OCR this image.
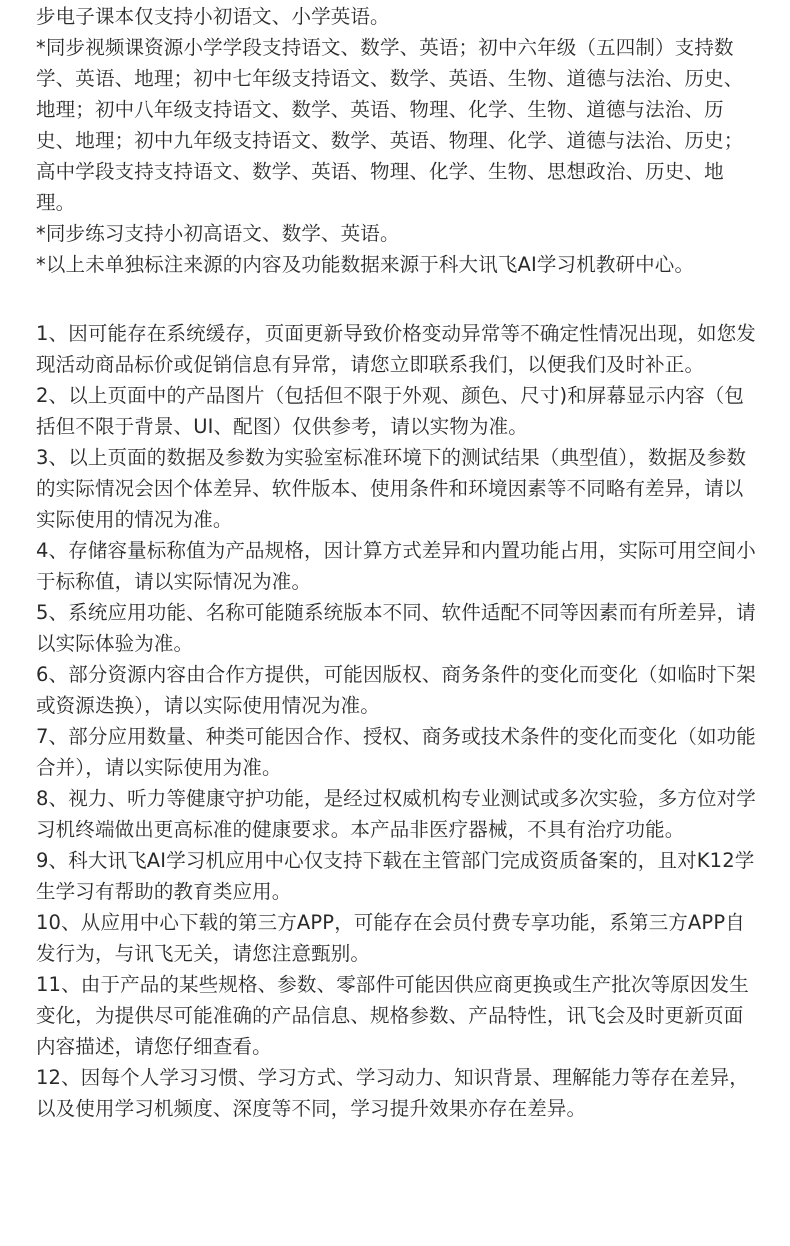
步电子课本仅支持小初语文、小学英语。

*同步视频课资源小学学段支持语文、数学、英语；初中六年级（五四制）支持数学、英语、地理；初中七年级支持语文、数学、英语、生物、道德与法治、历史、地理；初中八年级支持语文、数学、英语、物理、化学、生物、道德与法治、历史、地理；初中九年级支持语文、数学、英语、物理、化学、道德与法治、历史；高中学段支持支持语文、数学、英语、物理、化学、生物、思想政治、历史、地理。

*同步练习支持小初高语文、数学、英语。

*以上未单独标注来源的内容及功能数据来源于科大讯飞AI学习机教研中心。

1、因可能存在系统缓存，页面更新导致价格变动异常等不确定性情况出现，如您发现活动商品标价或促销信息有异常，请您立即联系我们，以便我们及时补正。

2、以上页面中的产品图片（包括但不限于外观、颜色、尺寸)和屏幕显示内容（包括但不限于背景、UI、配图）仅供参考，请以实物为准。

3、以上页面的数据及参数为实验室标准环境下的测试结果（典型值），数据及参数的实际情况会因个体差异、软件版本、使用条件和环境因素等不同略有差异，请以实际使用的情况为准。

4、存储容量标称值为产品规格，因计算方式差异和内置功能占用，实际可用空间小于标称值，请以实际情况为准。

5、系统应用功能、名称可能随系统版本不同、软件适配不同等因素而有所差异，请以实际体验为准。

6、部分资源内容由合作方提供，可能因版权、商务条件的变化而变化（如临时下架或资源迭换），请以实际使用情况为准。

7、部分应用数量、种类可能因合作、授权、商务或技术条件的变化而变化（如功能合并），请以实际使用为准。

8、视力、听力等健康守护功能，是经过权威机构专业测试或多次实验，多方位对学习机终端做出更高标准的健康要求。本产品非医疗器械，不具有治疗功能。

9、科大讯飞AI学习机应用中心仅支持下载在主管部门完成资质备案的，且对K12学生学习有帮助的教育类应用。

10、从应用中心下载的第三方APP，可能存在会员付费专享功能，系第三方APP自发行为，与讯飞无关，请您注意甄别。

11、由于产品的某些规格、参数、零部件可能因供应商更换或生产批次等原因发生变化，为提供尽可能准确的产品信息、规格参数、产品特性，讯飞会及时更新页面内容描述，请您仔细查看。

12、因每个人学习习惯、学习方式、学习动力、知识背景、理解能力等存在差异，以及使用学习机频度、深度等不同，学习提升效果亦存在差异。
